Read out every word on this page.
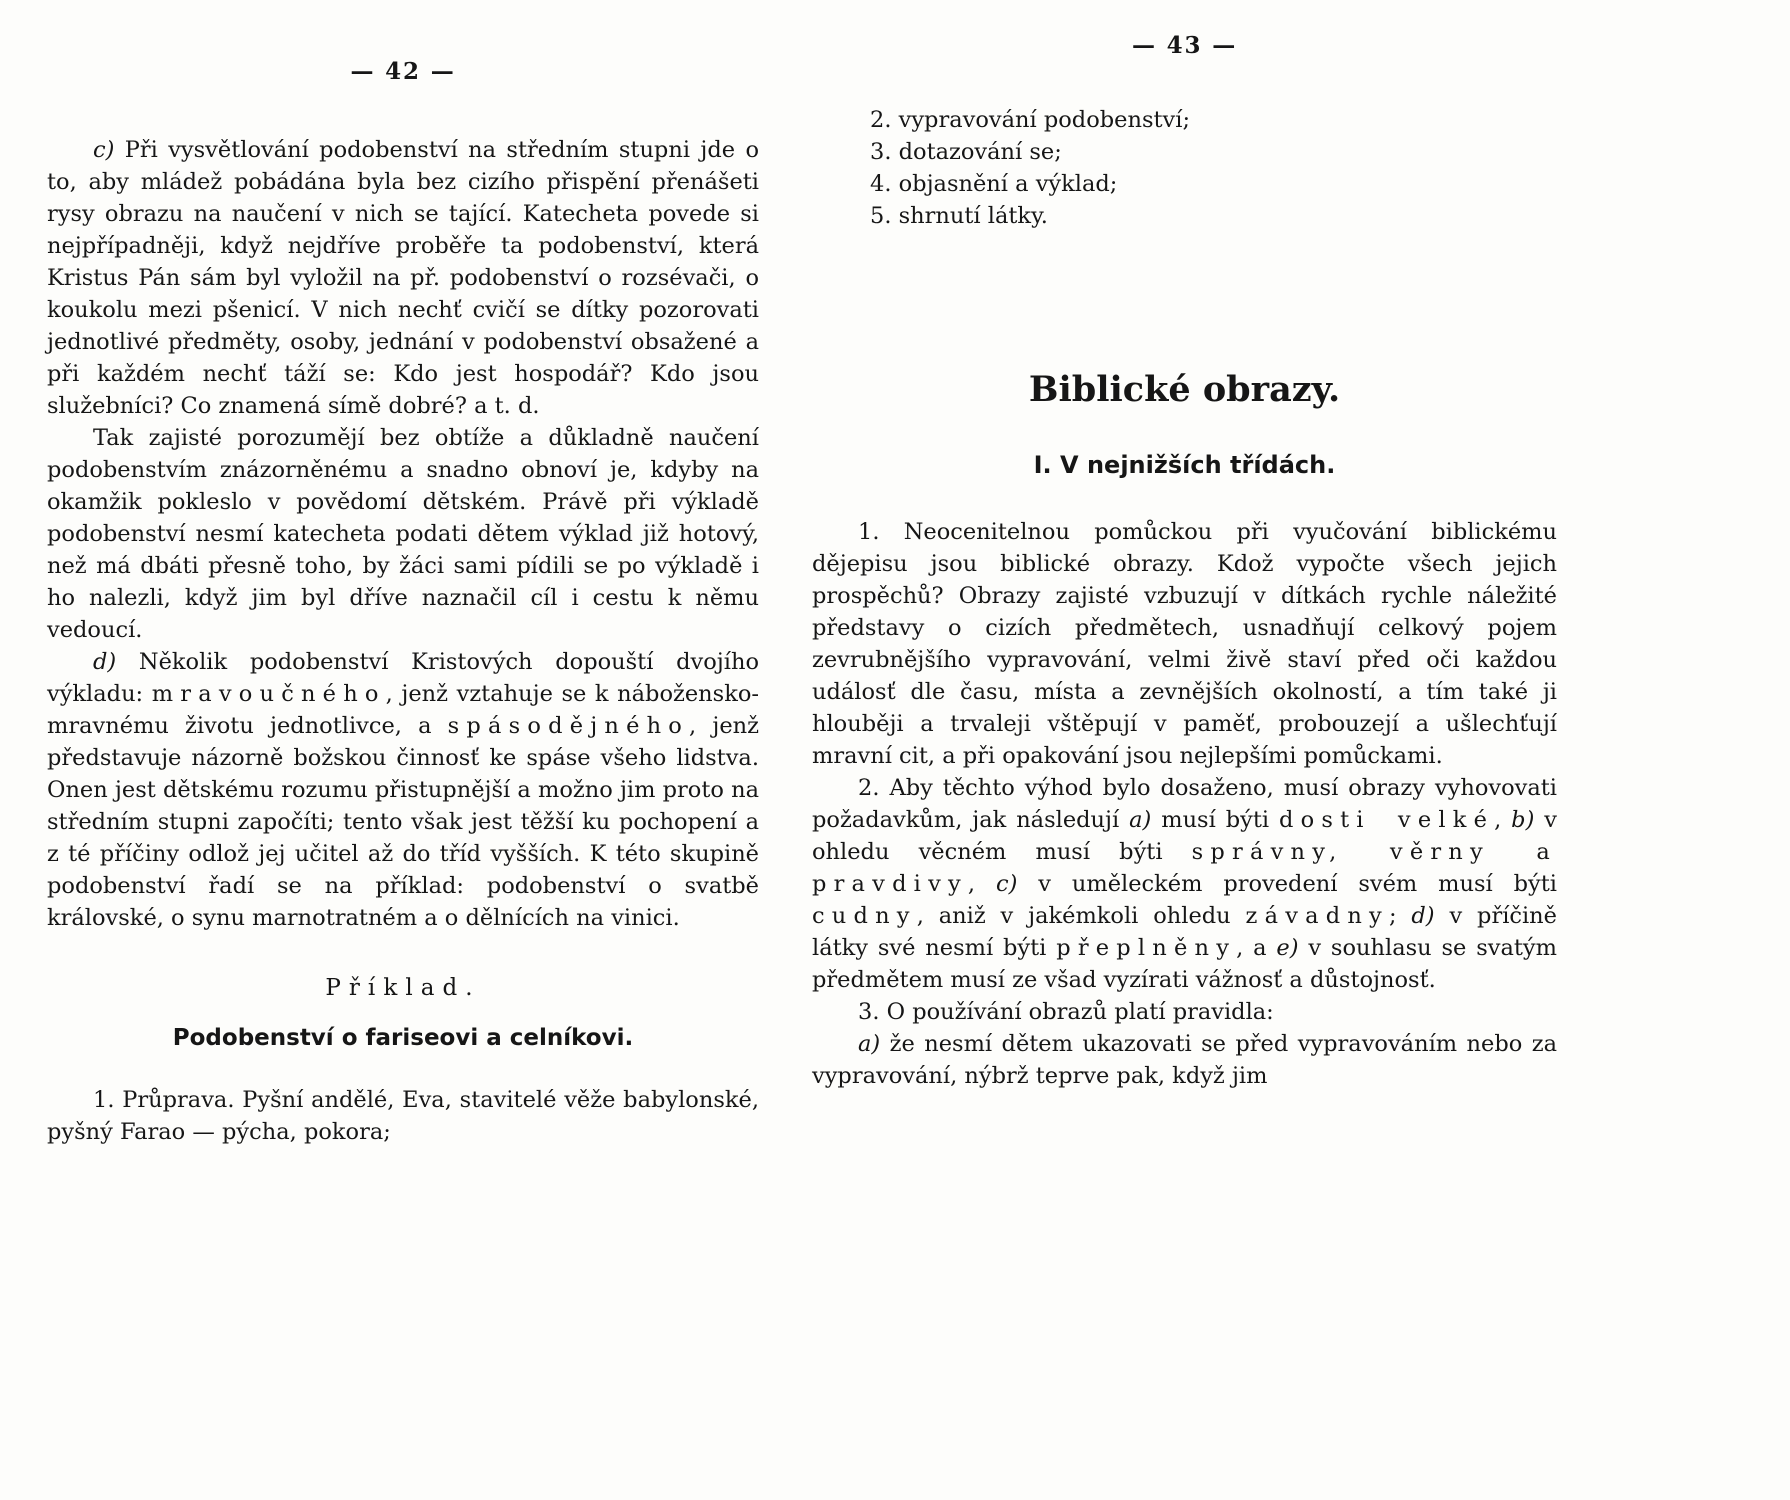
— 42 —

c) Při vysvětlování podobenství na středním stupni jde o to, aby mládež pobádána byla bez cizího přispění přenášeti rysy obrazu na naučení v nich se tající. Katecheta povede si nejpřípadněji, když nejdříve proběře ta podobenství, která Kristus Pán sám byl vyložil na př. podobenství o rozsévači, o koukolu mezi pšenicí. V nich nechť cvičí se dítky pozorovati jednotlivé předměty, osoby, jednání v podobenství obsažené a při každém nechť táží se: Kdo jest hospodář? Kdo jsou služebníci? Co znamená símě dobré? a t. d.

Tak zajisté porozumějí bez obtíže a důkladně naučení podobenstvím znázorněnému a snadno obnoví je, kdyby na okamžik pokleslo v povědomí dětském. Právě při výkladě podobenství nesmí katecheta podati dětem výklad již hotový, než má dbáti přesně toho, by žáci sami pídili se po výkladě i ho nalezli, když jim byl dříve naznačil cíl i cestu k němu vedoucí.

d) Několik podobenství Kristových dopouští dvojího výkladu: mravoučného, jenž vztahuje se k nábožensko-mravnému životu jednotlivce, a spásodějného, jenž představuje názorně božskou činnosť ke spáse všeho lidstva. Onen jest dětskému rozumu přistupnější a možno jim proto na středním stupni započíti; tento však jest těžší ku pochopení a z té příčiny odlož jej učitel až do tříd vyšších. K této skupině podobenství řadí se na příklad: podobenství o svatbě královské, o synu marnotratném a o dělnících na vinici.

Příklad.
Podobenství o fariseovi a celníkovi.

1. Průprava. Pyšní andělé, Eva, stavitelé věže babylonské, pyšný Farao — pýcha, pokora;

— 43 —
2. vypravování podobenství;
3. dotazování se;
4. objasnění a výklad;
5. shrnutí látky.
Biblické obrazy.
I. V nejnižších třídách.

1. Neocenitelnou pomůckou při vyučování biblickému dějepisu jsou biblické obrazy. Kdož vypočte všech jejich prospěchů? Obrazy zajisté vzbuzují v dítkách rychle náležité představy o cizích předmětech, usnadňují celkový pojem zevrubnějšího vypravování, velmi živě staví před oči každou událosť dle času, místa a zevnějších okolností, a tím také ji hlouběji a trvaleji vštěpují v paměť, probouzejí a ušlechťují mravní cit, a při opakování jsou nejlepšími pomůckami.

2. Aby těchto výhod bylo dosaženo, musí obrazy vyhovovati požadavkům, jak následují a) musí býti dosti velké, b) v ohledu věcném musí býti správny, věrny a pravdivy, c) v uměleckém provedení svém musí býti cudny, aniž v jakémkoli ohledu závadny; d) v příčině látky své nesmí býti přeplněny, a e) v souhlasu se svatým předmětem musí ze všad vyzírati vážnosť a důstojnosť.

3. O používání obrazů platí pravidla:

a) že nesmí dětem ukazovati se před vypravováním nebo za vypravování, nýbrž teprve pak, když jim
